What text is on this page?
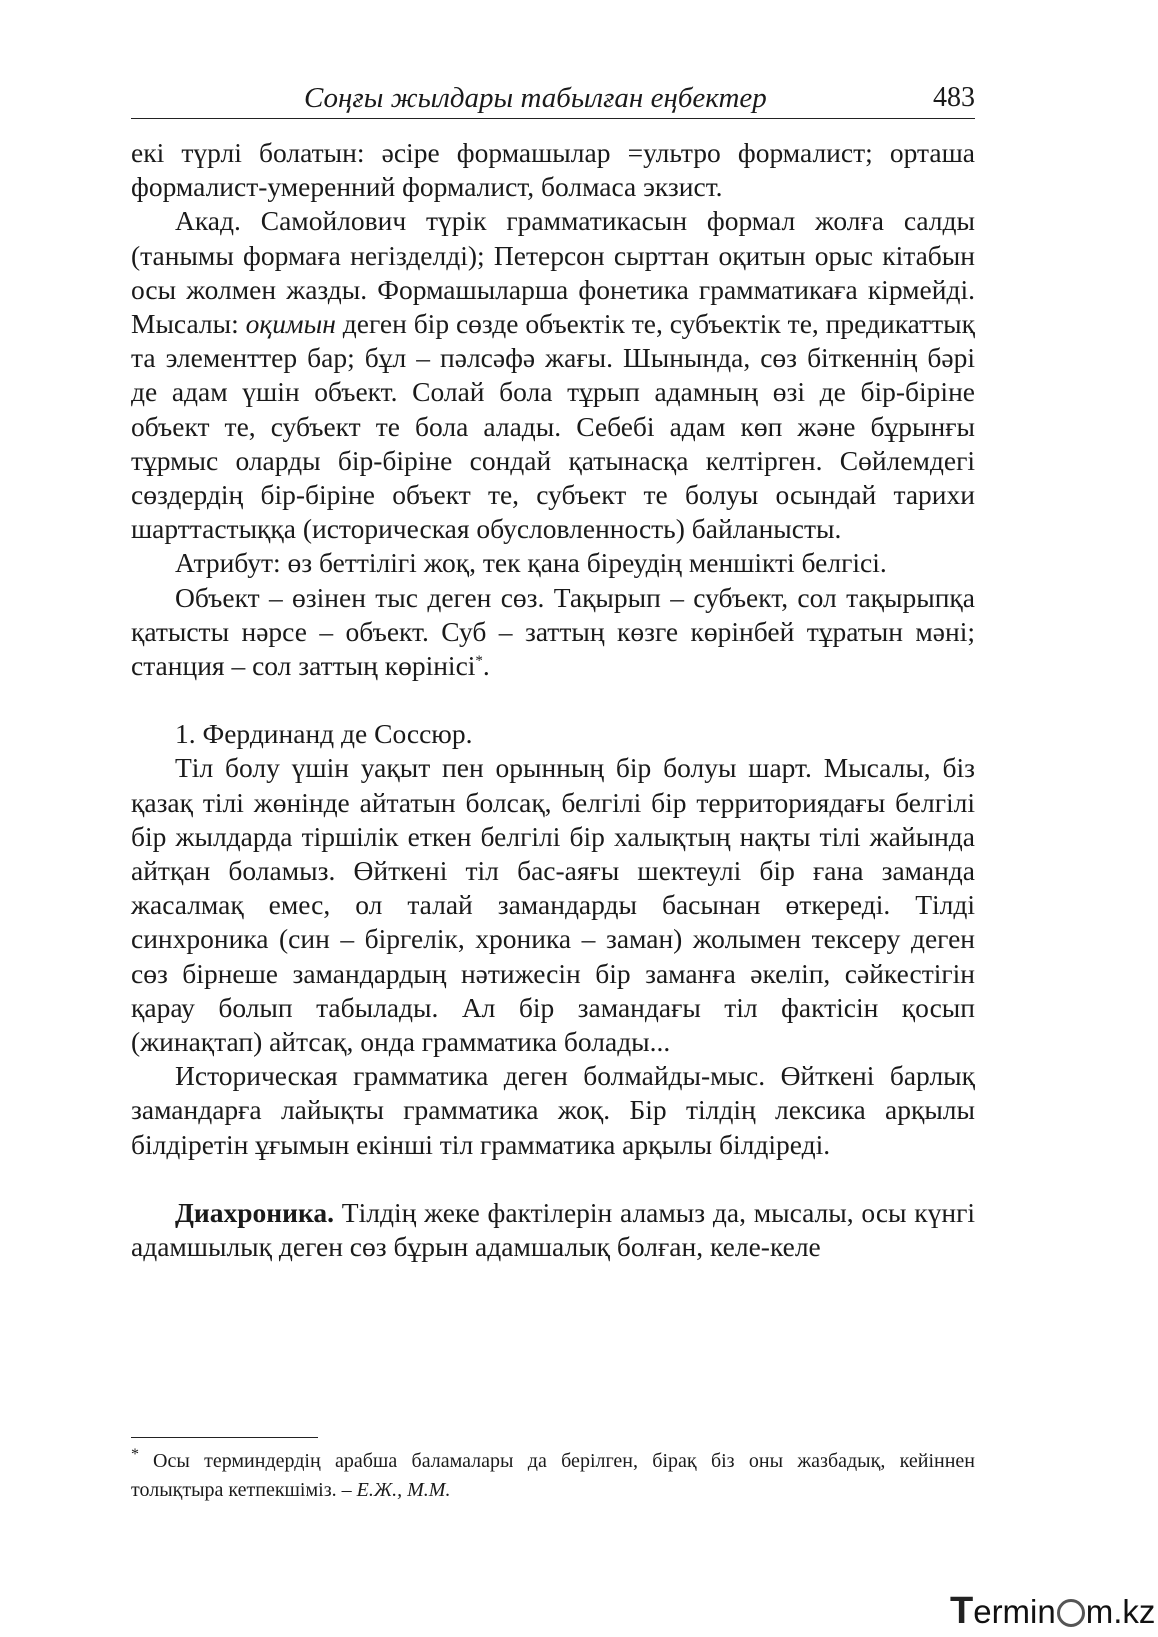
Соңғы жылдары табылған еңбектер	483

екі түрлі болатын: әсіре формашылар =ультро формалист; орташа формалист-умеренний формалист, болмаса экзист.

Акад. Самойлович түрік грамматикасын формал жолға салды (танымы формаға негізделді); Петерсон сырттан оқитын орыс кітабын осы жолмен жазды. Формашыларша фонетика грамматикаға кірмейді. Мысалы: оқимын деген бір сөзде объектік те, субъектік те, предикаттық та элементтер бар; бұл – пәлсәфә жағы. Шынында, сөз біткеннің бәрі де адам үшін объект. Солай бола тұрып адамның өзі де бір-біріне объект те, субъект те бола алады. Себебі адам көп және бұрынғы тұрмыс оларды бір-біріне сондай қатынасқа келтірген. Сөйлемдегі сөздердің бір-біріне объект те, субъект те болуы осындай тарихи шарттастыққа (историческая обусловленность) байланысты.

Атрибут: өз беттілігі жоқ, тек қана біреудің меншікті белгісі.

Объект – өзінен тыс деген сөз. Тақырып – субъект, сол тақырыпқа қатысты нәрсе – объект. Суб – заттың көзге көрінбей тұратын мәні; станция – сол заттың көрінісі*.

1. Фердинанд де Соссюр.

Тіл болу үшін уақыт пен орынның бір болуы шарт. Мысалы, біз қазақ тілі жөнінде айтатын болсақ, белгілі бір территориядағы белгілі бір жылдарда тіршілік еткен белгілі бір халықтың нақты тілі жайында айтқан боламыз. Өйткені тіл бас-аяғы шектеулі бір ғана заманда жасалмақ емес, ол талай замандарды басынан өткереді. Тілді синхроника (син – біргелік, хроника – заман) жолымен тексеру деген сөз бірнеше замандардың нәтижесін бір заманға әкеліп, сәйкестігін қарау болып табылады. Ал бір замандағы тіл фактісін қосып (жинақтап) айтсақ, онда грамматика болады...

Историческая грамматика деген болмайды-мыс. Өйткені барлық замандарға лайықты грамматика жоқ. Бір тілдің лексика арқылы білдіретін ұғымын екінші тіл грамматика арқылы білдіреді.

Диахроника. Тілдің жеке фактілерін аламыз да, мысалы, осы күнгі адамшылық деген сөз бұрын адамшалық болған, келе-келе

* Осы терминдердің арабша баламалары да берілген, бірақ біз оны жазбадық, кейіннен толықтыра кетпекшіміз. – Е.Ж., М.М.
Termin m.kz
